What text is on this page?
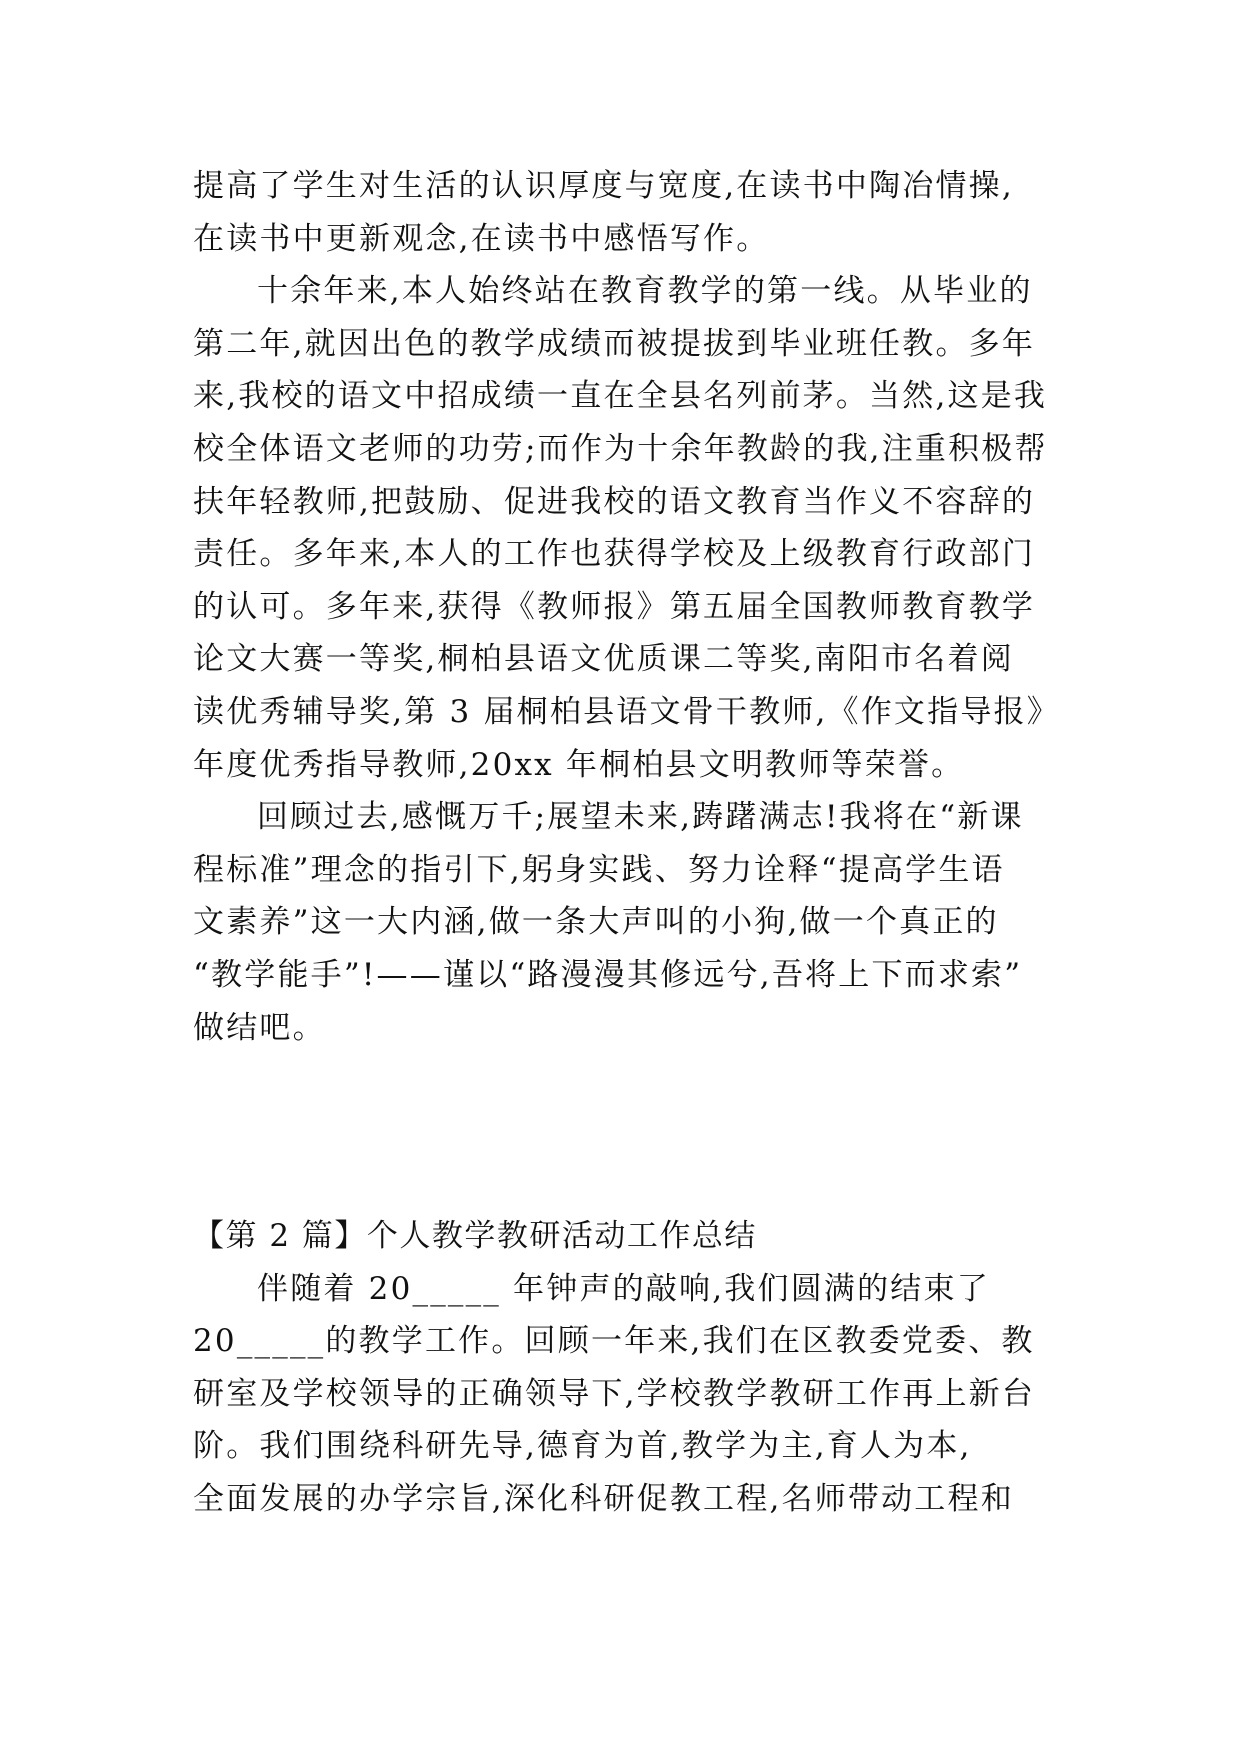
提高了学生对生活的认识厚度与宽度,在读书中陶冶情操,
在读书中更新观念,在读书中感悟写作。
十余年来,本人始终站在教育教学的第一线。从毕业的
第二年,就因出色的教学成绩而被提拔到毕业班任教。多年
来,我校的语文中招成绩一直在全县名列前茅。当然,这是我
校全体语文老师的功劳;而作为十余年教龄的我,注重积极帮
扶年轻教师,把鼓励、促进我校的语文教育当作义不容辞的
责任。多年来,本人的工作也获得学校及上级教育行政部门
的认可。多年来,获得《教师报》第五届全国教师教育教学
论文大赛一等奖,桐柏县语文优质课二等奖,南阳市名着阅
读优秀辅导奖,第 3 届桐柏县语文骨干教师,《作文指导报》
年度优秀指导教师,20xx 年桐柏县文明教师等荣誉。
回顾过去,感慨万千;展望未来,踌躇满志!我将在“新课
程标准”理念的指引下,躬身实践、努力诠释“提高学生语
文素养”这一大内涵,做一条大声叫的小狗,做一个真正的
“教学能手”!——谨以“路漫漫其修远兮,吾将上下而求索”
做结吧。
【第 2 篇】个人教学教研活动工作总结
伴随着 20_____ 年钟声的敲响,我们圆满的结束了
20_____的教学工作。回顾一年来,我们在区教委党委、教
研室及学校领导的正确领导下,学校教学教研工作再上新台
阶。我们围绕科研先导,德育为首,教学为主,育人为本,
全面发展的办学宗旨,深化科研促教工程,名师带动工程和
